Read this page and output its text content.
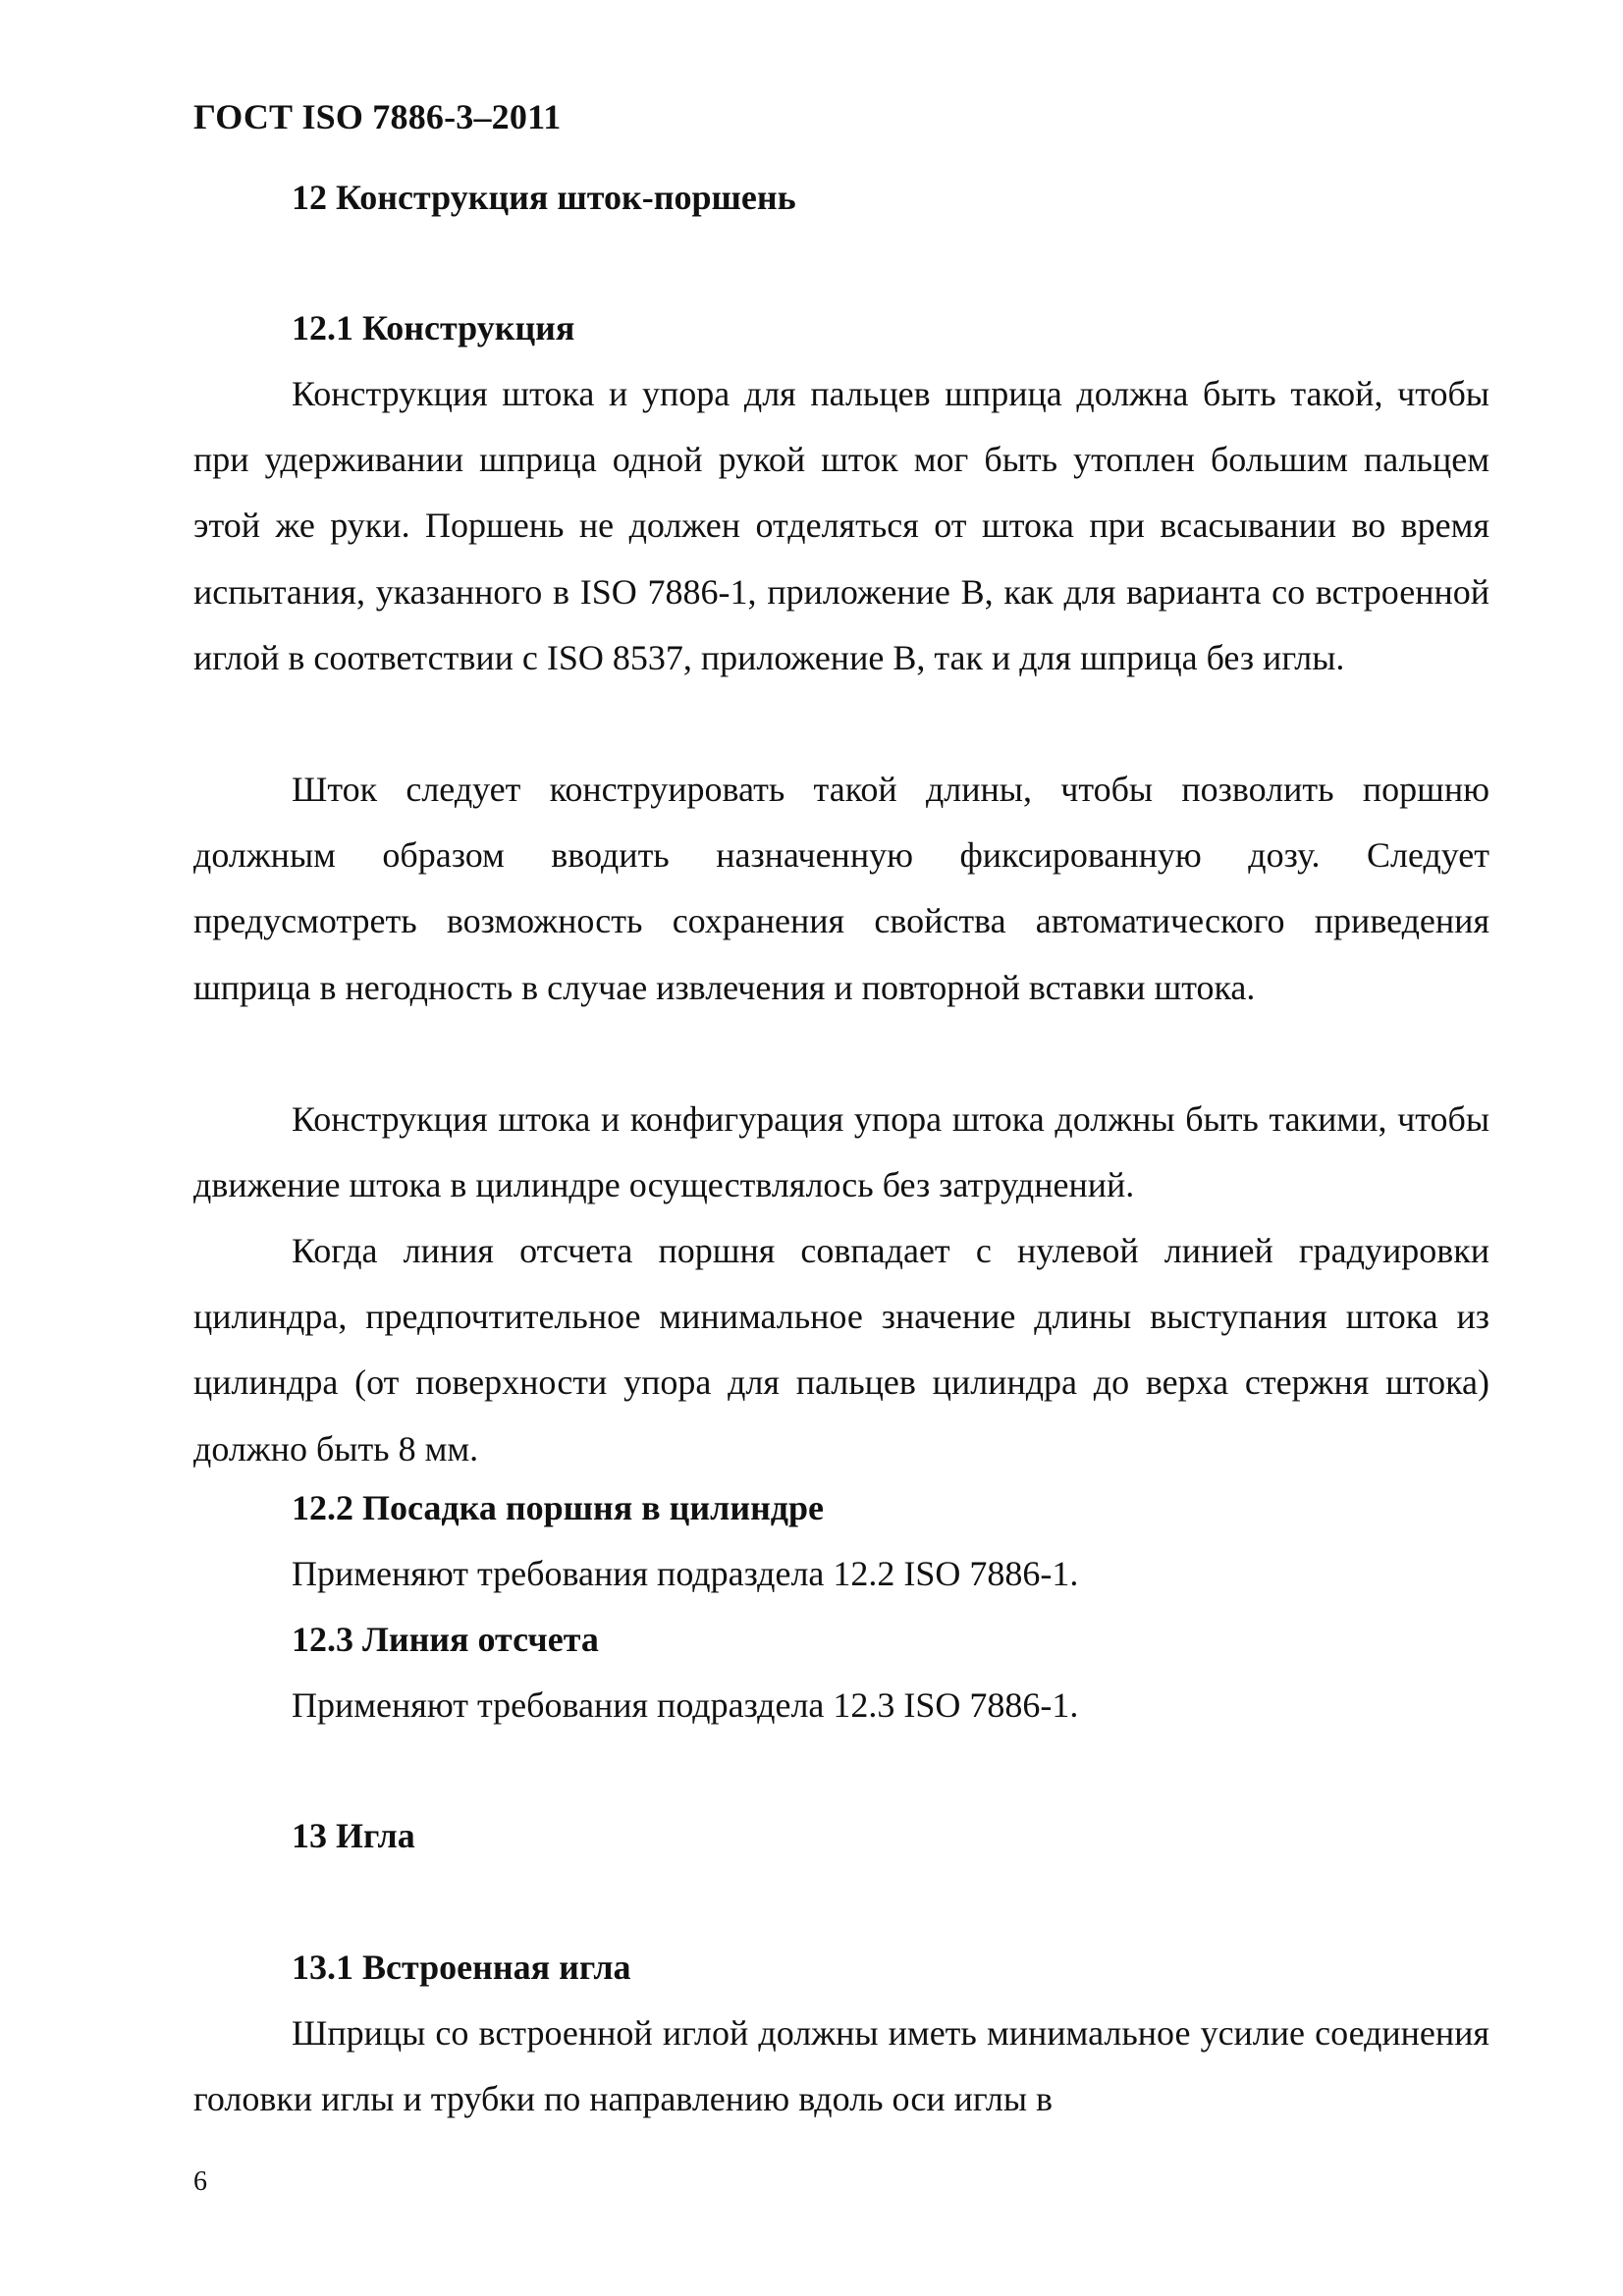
ГОСТ ISO 7886-3–2011
12 Конструкция шток-поршень
12.1 Конструкция

Конструкция штока и упора для пальцев шприца должна быть такой, чтобы при удерживании шприца одной рукой шток мог быть утоплен большим пальцем этой же руки. Поршень не должен отделяться от штока при всасывании во время испытания, указанного в ISO 7886-1, приложение В, как для варианта со встроенной иглой в соответствии с ISO 8537, приложение В, так и для шприца без иглы.

Шток следует конструировать такой длины, чтобы позволить поршню должным образом вводить назначенную фиксированную дозу. Следует предусмотреть возможность сохранения свойства автоматического приведения шприца в негодность в случае извлечения и повторной вставки штока.

Конструкция штока и конфигурация упора штока должны быть такими, чтобы движение штока в цилиндре осуществлялось без затруднений.

Когда линия отсчета поршня совпадает с нулевой линией градуировки цилиндра, предпочтительное минимальное значение длины выступания штока из цилиндра (от поверхности упора для пальцев цилиндра до верха стержня штока) должно быть 8 мм.

12.2 Посадка поршня в цилиндре

Применяют требования подраздела 12.2 ISO 7886-1.

12.3 Линия отсчета

Применяют требования подраздела 12.3 ISO 7886-1.

13 Игла
13.1 Встроенная игла

Шприцы со встроенной иглой должны иметь минимальное усилие соединения головки иглы и трубки по направлению вдоль оси иглы в

6
